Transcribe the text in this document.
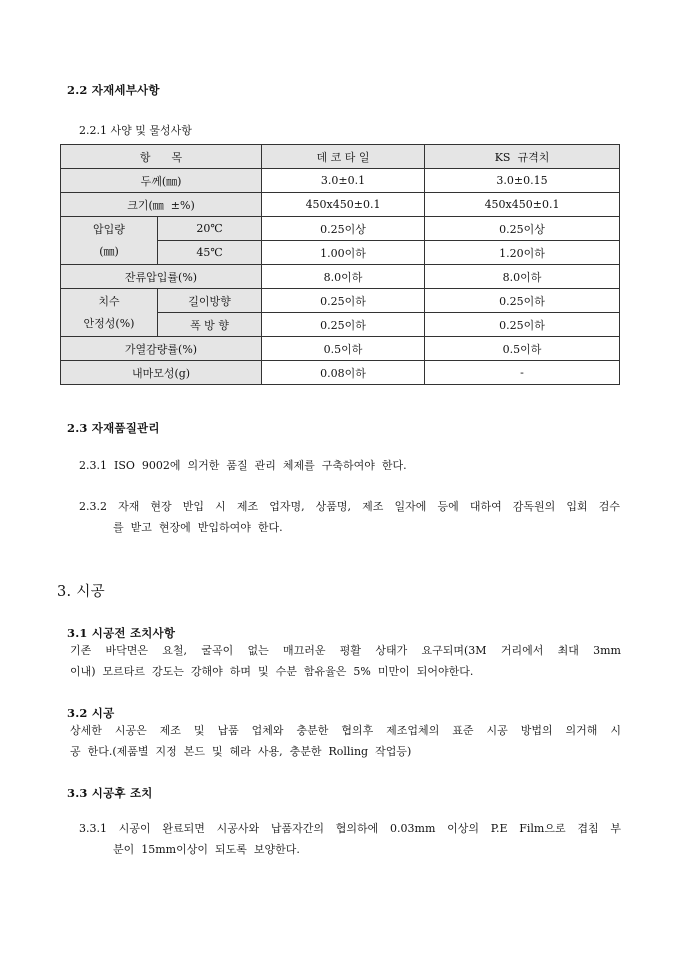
2.2 자재세부사항
2.2.1 사양 및 물성사항
항      목		데 코 타 일	KS  규격치
두께(㎜)		3.0±0.1	3.0±0.15
크기(㎜  ±%)		450x450±0.1	450x450±0.1

압입량
(㎜)	20℃	0.25이상	0.25이상
	45℃	1.00이하	1.20이하
잔류압입률(%)		8.0이하	8.0이하

치수
안정성(%)	길이방향	0.25이하	0.25이하
	폭 방 향	0.25이하	0.25이하
가열감량률(%)		0.5이하	0.5이하
내마모성(g)		0.08이하	-
2.3 자재품질관리
2.3.1  ISO  9002에  의거한  품질  관리  체제를  구축하여야  한다.
2.3.2  자재  현장  반입  시  제조  업자명,  상품명,  제조  일자에  등에  대하여  감독원의  입회  검수
를  받고  현장에  반입하여야  한다.
3. 시공
3.1 시공전 조치사항
기존  바닥면은  요철,  굴곡이  없는  매끄러운  평활  상태가  요구되며(3M  거리에서  최대  3mm
이내)  모르타르  강도는  강해야  하며  및  수분  함유율은  5%  미만이  되어야한다.
3.2 시공
상세한  시공은  제조  및  납품  업체와  충분한  협의후  제조업체의  표준  시공  방법의  의거해  시
공  한다.(제품별  지정  본드  및  헤라  사용,  충분한  Rolling  작업등)
3.3 시공후 조치
3.3.1  시공이  완료되면  시공사와  납품자간의  협의하에  0.03mm  이상의  P.E  Film으로  겹침  부
분이  15mm이상이  되도록  보양한다.
